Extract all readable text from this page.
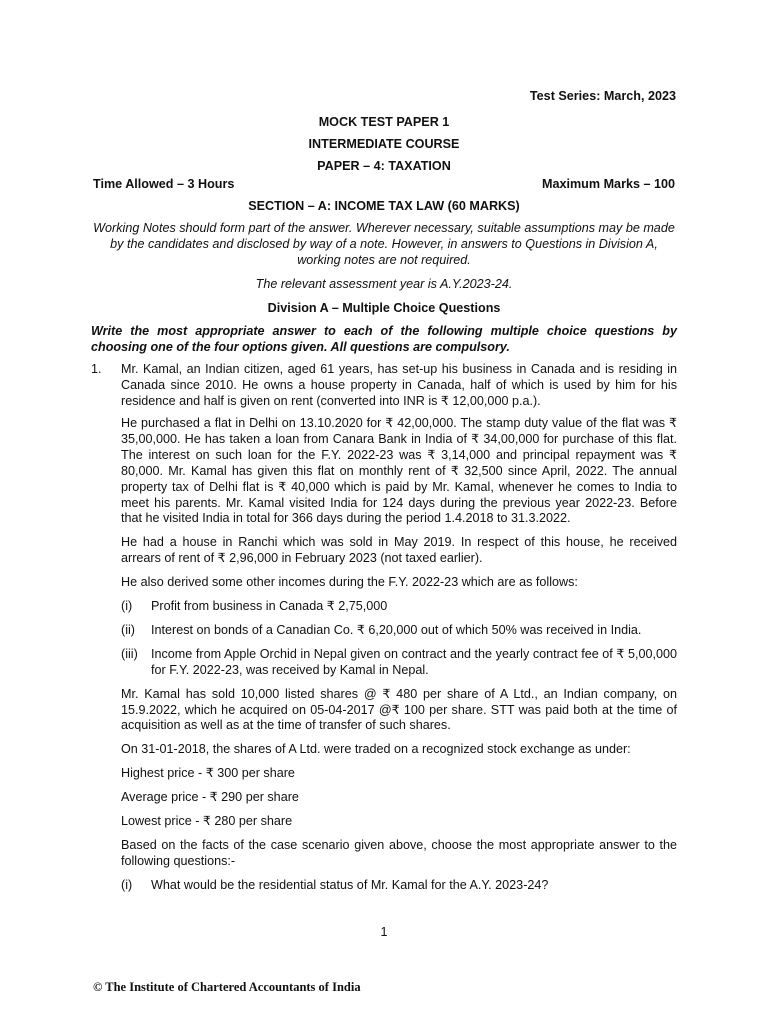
Test Series: March, 2023
MOCK TEST PAPER 1
INTERMEDIATE COURSE
PAPER – 4: TAXATION
Time Allowed – 3 Hours	Maximum Marks – 100

SECTION – A: INCOME TAX LAW (60 MARKS)

Working Notes should form part of the answer. Wherever necessary, suitable assumptions may be made by the candidates and disclosed by way of a note. However, in answers to Questions in Division A, working notes are not required.

The relevant assessment year is A.Y.2023-24.

Division A – Multiple Choice Questions

Write the most appropriate answer to each of the following multiple choice questions by choosing one of the four options given. All questions are compulsory.

1.	Mr. Kamal, an Indian citizen, aged 61 years, has set-up his business in Canada and is residing in Canada since 2010. He owns a house property in Canada, half of which is used by him for his residence and half is given on rent (converted into INR is ₹ 12,00,000 p.a.).

He purchased a flat in Delhi on 13.10.2020 for ₹ 42,00,000. The stamp duty value of the flat was ₹ 35,00,000. He has taken a loan from Canara Bank in India of ₹ 34,00,000 for purchase of this flat. The interest on such loan for the F.Y. 2022-23 was ₹ 3,14,000 and principal repayment was ₹ 80,000. Mr. Kamal has given this flat on monthly rent of ₹ 32,500 since April, 2022. The annual property tax of Delhi flat is ₹ 40,000 which is paid by Mr. Kamal, whenever he comes to India to meet his parents. Mr. Kamal visited India for 124 days during the previous year 2022-23. Before that he visited India in total for 366 days during the period 1.4.2018 to 31.3.2022.

He had a house in Ranchi which was sold in May 2019. In respect of this house, he received arrears of rent of ₹ 2,96,000 in February 2023 (not taxed earlier).

He also derived some other incomes during the F.Y. 2022-23 which are as follows:

(i)	Profit from business in Canada ₹ 2,75,000
(ii)	Interest on bonds of a Canadian Co. ₹ 6,20,000 out of which 50% was received in India.
(iii)	Income from Apple Orchid in Nepal given on contract and the yearly contract fee of ₹ 5,00,000 for F.Y. 2022-23, was received by Kamal in Nepal.

Mr. Kamal has sold 10,000 listed shares @ ₹ 480 per share of A Ltd., an Indian company, on 15.9.2022, which he acquired on 05-04-2017 @₹ 100 per share. STT was paid both at the time of acquisition as well as at the time of transfer of such shares.

On 31-01-2018, the shares of A Ltd. were traded on a recognized stock exchange as under:

Highest price - ₹ 300 per share

Average price - ₹ 290 per share

Lowest price - ₹ 280 per share

Based on the facts of the case scenario given above, choose the most appropriate answer to the following questions:-

(i)	What would be the residential status of Mr. Kamal for the A.Y. 2023-24?
1
© The Institute of Chartered Accountants of India
